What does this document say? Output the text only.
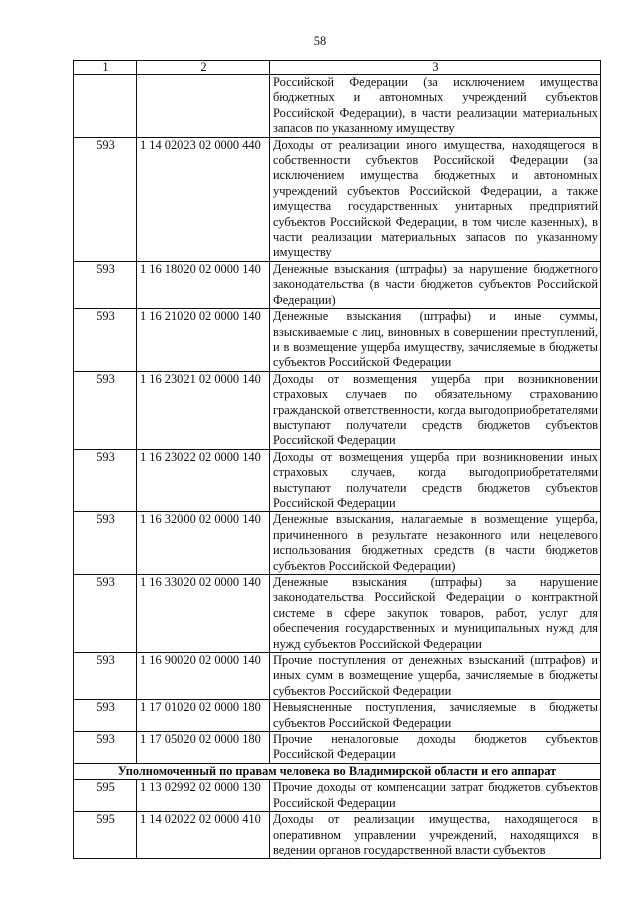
58
1	2	3
		Российской Федерации (за исключением имущества бюджетных и автономных учреждений субъектов Российской Федерации), в части реализации материальных запасов по указанному имуществу
593	1 14 02023 02 0000 440	Доходы от реализации иного имущества, находящегося в собственности субъектов Российской Федерации (за исключением имущества бюджетных и автономных учреждений субъектов Российской Федерации, а также имущества государственных унитарных предприятий субъектов Российской Федерации, в том числе казенных), в части реализации материальных запасов по указанному имуществу
593	1 16 18020 02 0000 140	Денежные взыскания (штрафы) за нарушение бюджетного законодательства (в части бюджетов субъектов Российской Федерации)
593	1 16 21020 02 0000 140	Денежные взыскания (штрафы) и иные суммы, взыскиваемые с лиц, виновных в совершении преступлений, и в возмещение ущерба имуществу, зачисляемые в бюджеты субъектов Российской Федерации
593	1 16 23021 02 0000 140	Доходы от возмещения ущерба при возникновении страховых случаев по обязательному страхованию гражданской ответственности, когда выгодоприобретателями выступают получатели средств бюджетов субъектов Российской Федерации
593	1 16 23022 02 0000 140	Доходы от возмещения ущерба при возникновении иных страховых случаев, когда выгодоприобретателями выступают получатели средств бюджетов субъектов Российской Федерации
593	1 16 32000 02 0000 140	Денежные взыскания, налагаемые в возмещение ущерба, причиненного в результате незаконного или нецелевого использования бюджетных средств (в части бюджетов субъектов Российской Федерации)
593	1 16 33020 02 0000 140	Денежные взыскания (штрафы) за нарушение законодательства Российской Федерации о контрактной системе в сфере закупок товаров, работ, услуг для обеспечения государственных и муниципальных нужд для нужд субъектов Российской Федерации
593	1 16 90020 02 0000 140	Прочие поступления от денежных взысканий (штрафов) и иных сумм в возмещение ущерба, зачисляемые в бюджеты субъектов Российской Федерации
593	1 17 01020 02 0000 180	Невыясненные поступления, зачисляемые в бюджеты субъектов Российской Федерации
593	1 17 05020 02 0000 180	Прочие неналоговые доходы бюджетов субъектов Российской Федерации
Уполномоченный по правам человека во Владимирской области и его аппарат		
595	1 13 02992 02 0000 130	Прочие доходы от компенсации затрат бюджетов субъектов Российской Федерации
595	1 14 02022 02 0000 410	Доходы от реализации имущества, находящегося в оперативном управлении учреждений, находящихся в ведении органов государственной власти субъектов
